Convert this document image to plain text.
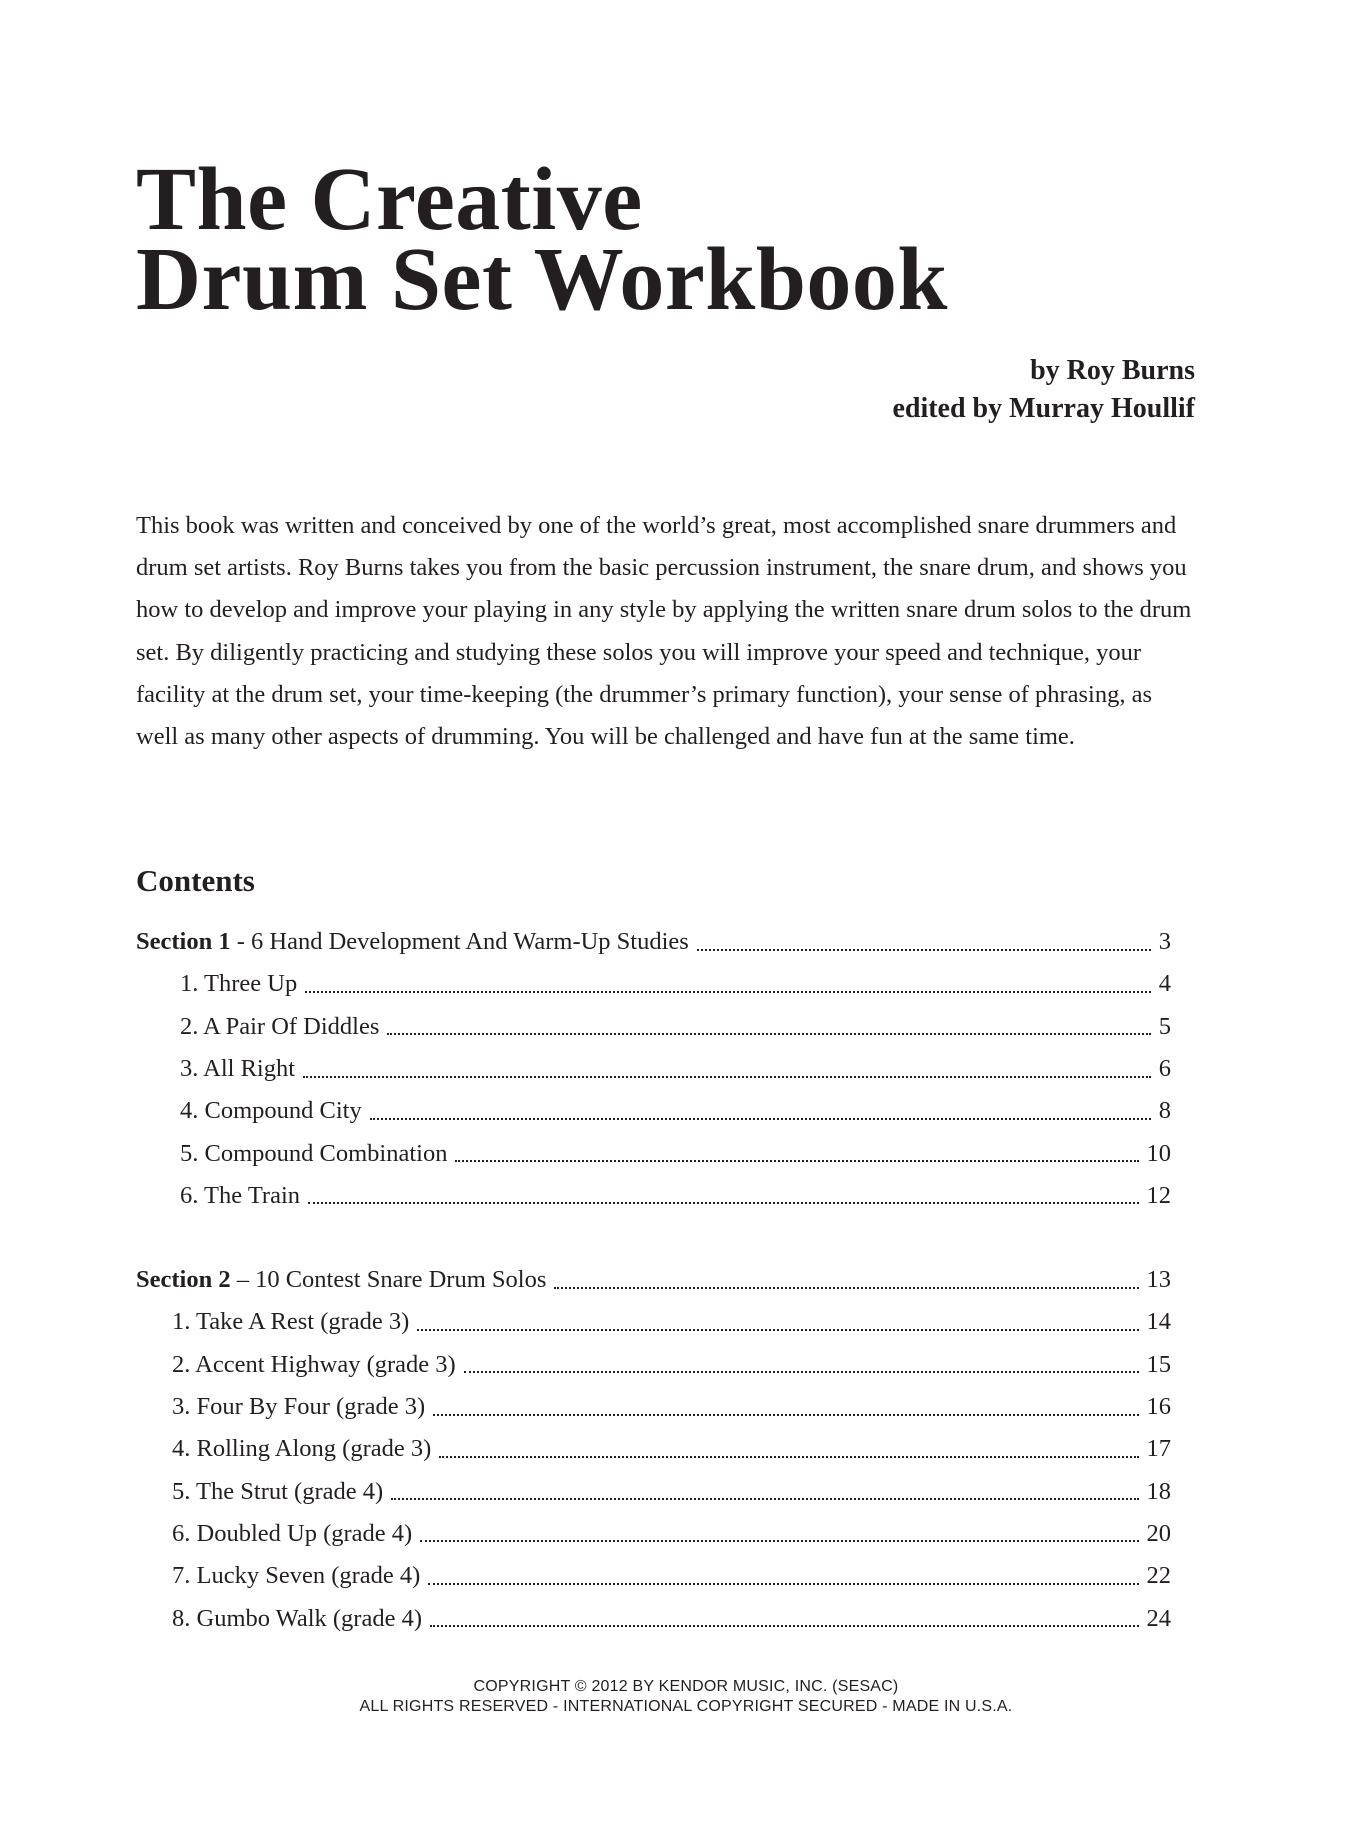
The Creative
Drum Set Workbook
by Roy Burns
edited by Murray Houllif
This book was written and conceived by one of the world’s great, most accomplished snare drummers and drum set artists. Roy Burns takes you from the basic percussion instrument, the snare drum, and shows you how to develop and improve your playing in any style by applying the written snare drum solos to the drum set. By diligently practicing and studying these solos you will improve your speed and technique, your facility at the drum set, your time-keeping (the drummer’s primary function), your sense of phrasing, as well as many other aspects of drumming. You will be challenged and have fun at the same time.
Contents
Section 1 - 6 Hand Development And Warm-Up Studies	3
1. Three Up	4
2. A Pair Of Diddles	5
3. All Right	6
4. Compound City	8
5. Compound Combination	10
6. The Train	12
Section 2 – 10 Contest Snare Drum Solos	13
1. Take A Rest (grade 3)	14
2. Accent Highway (grade 3)	15
3. Four By Four (grade 3)	16
4. Rolling Along (grade 3)	17
5. The Strut (grade 4)	18
6. Doubled Up (grade 4)	20
7. Lucky Seven (grade 4)	22
8. Gumbo Walk (grade 4)	24
COPYRIGHT © 2012 BY KENDOR MUSIC, INC. (SESAC)
ALL RIGHTS RESERVED - INTERNATIONAL COPYRIGHT SECURED - MADE IN U.S.A.
